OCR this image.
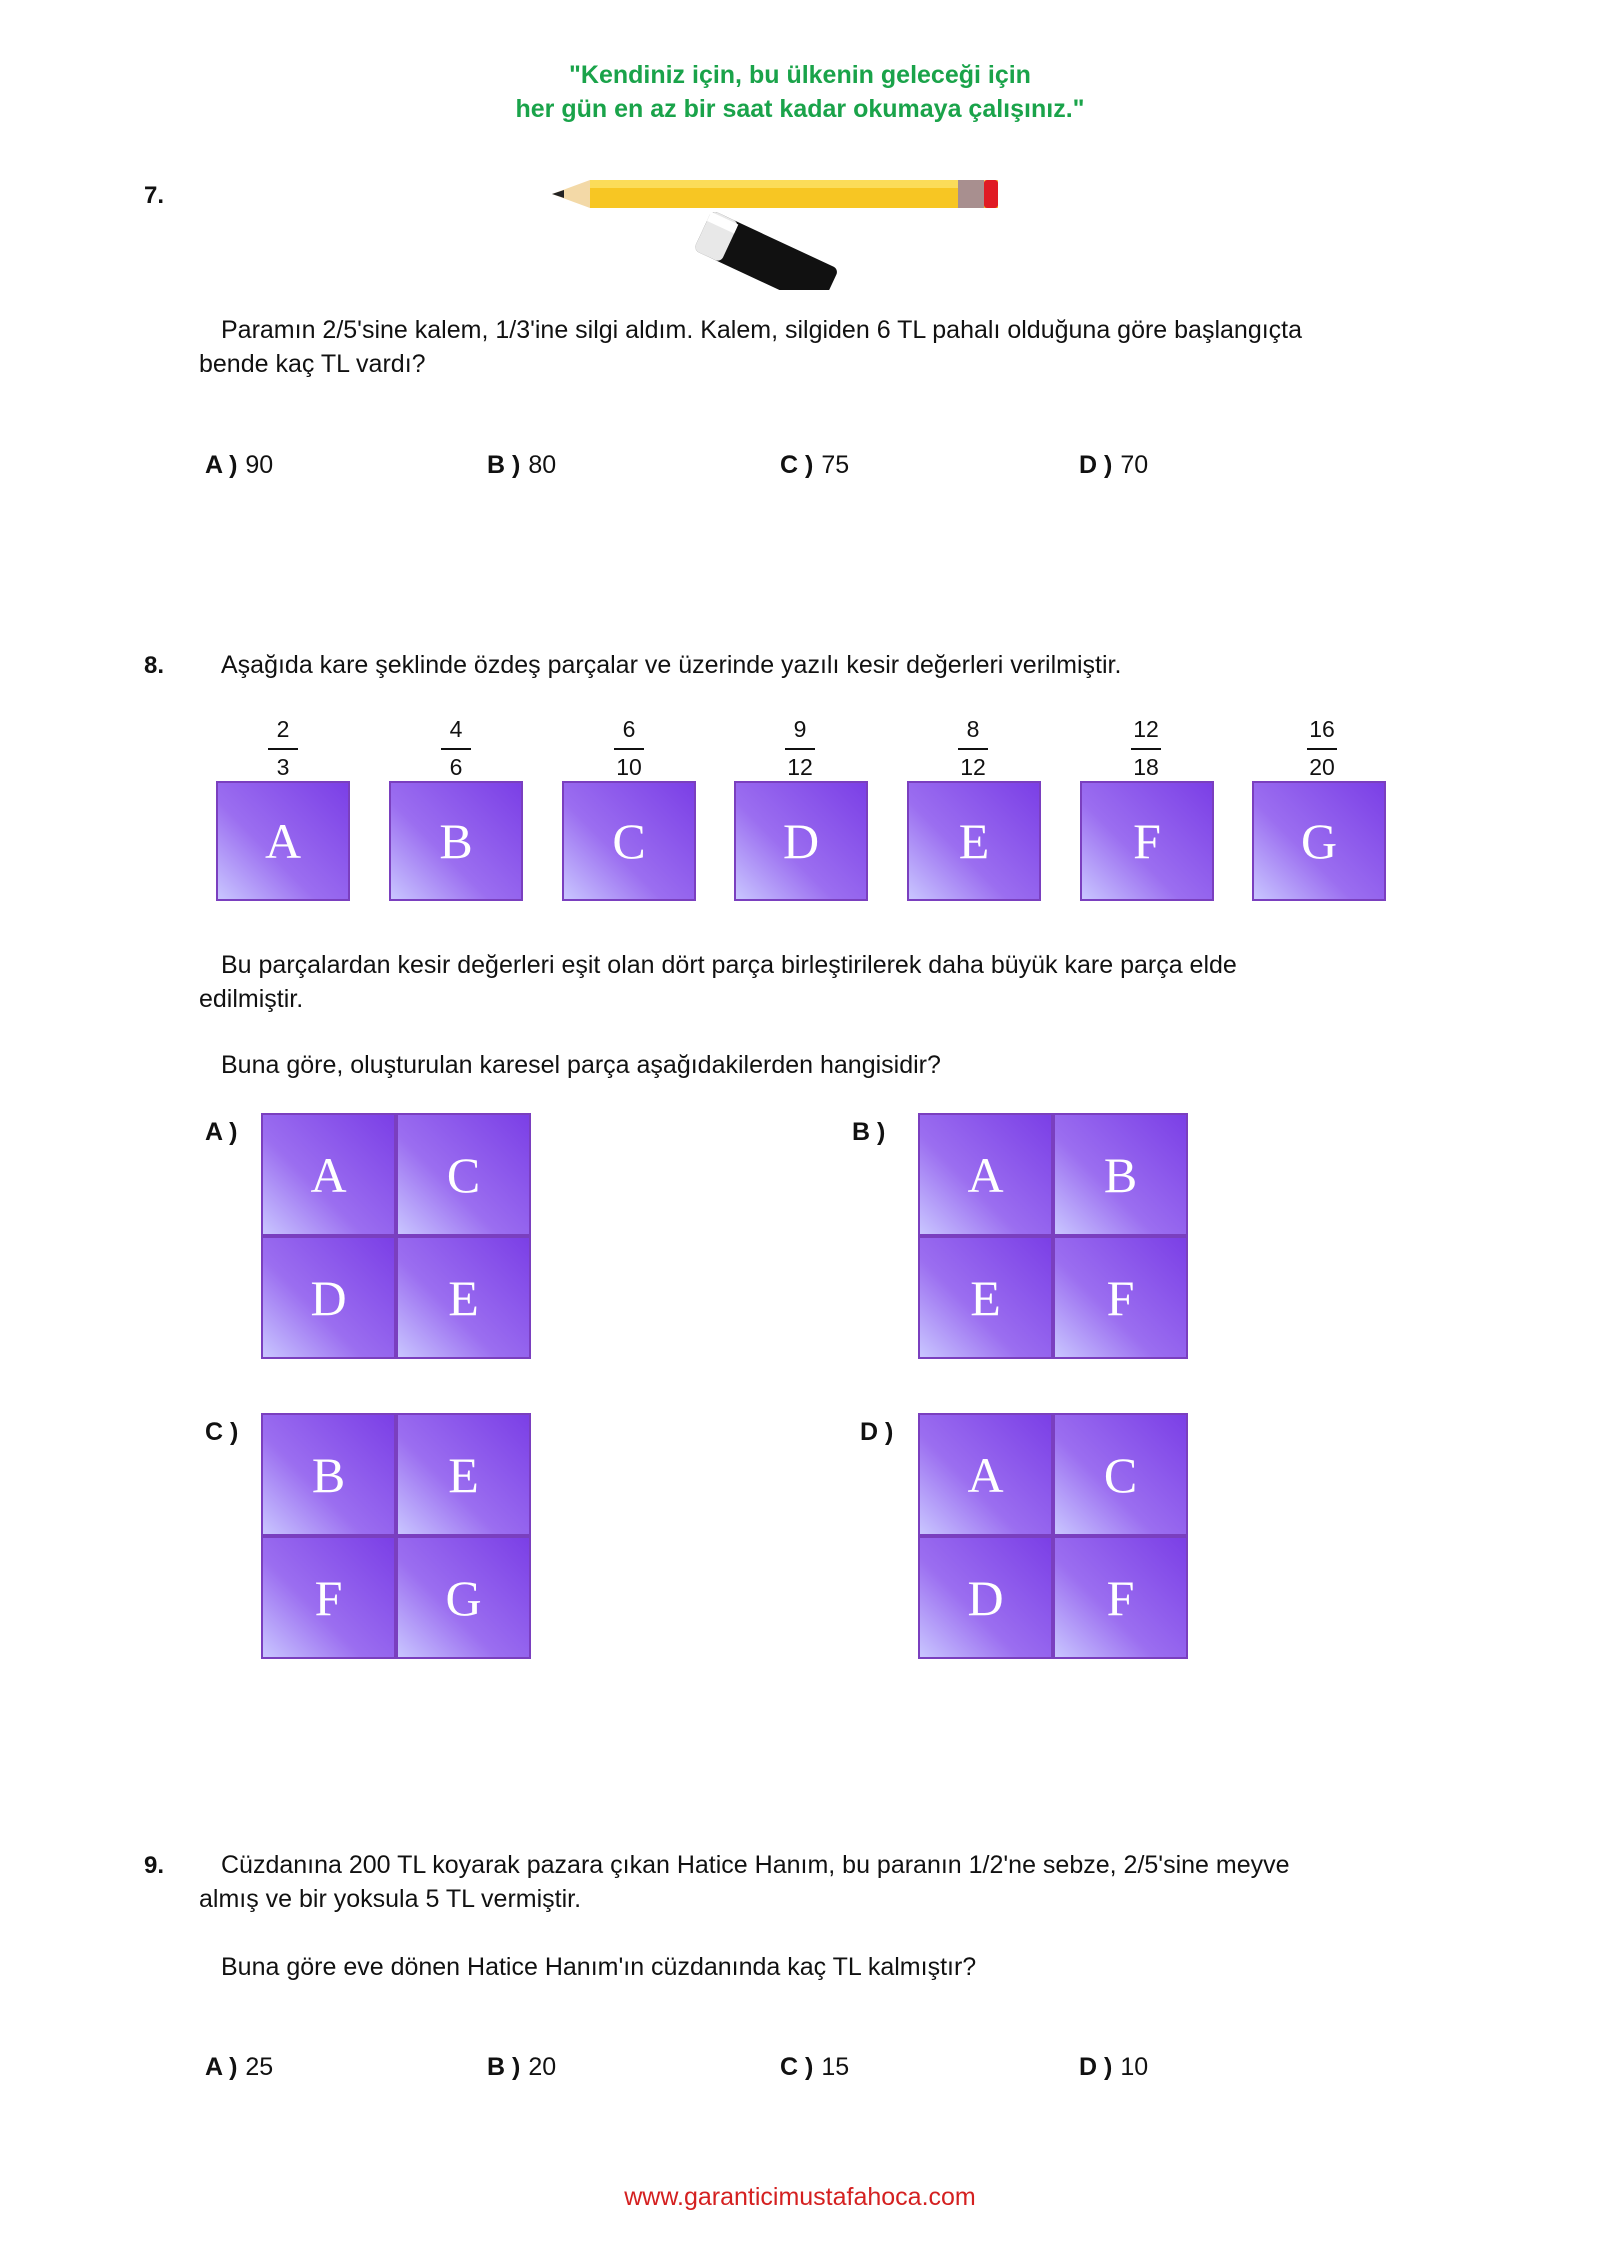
"Kendiniz için, bu ülkenin geleceği için
her gün en az bir saat kadar okumaya çalışınız."
7.
Paramın 2/5'sine kalem, 1/3'ine silgi aldım. Kalem, silgiden 6 TL pahalı olduğuna göre başlangıçta
bende kaç TL vardı?
A ) 90	B ) 80	C ) 75	D ) 70
8. Aşağıda kare şeklinde özdeş parçalar ve üzerinde yazılı kesir değerleri verilmiştir.
2
3
4
6
6
10
9
12
8
12
12
18
16
20
A	B	C	D	E	F	G
Bu parçalardan kesir değerleri eşit olan dört parça birleştirilerek daha büyük kare parça elde
edilmiştir.
Buna göre, oluşturulan karesel parça aşağıdakilerden hangisidir?
A )
A	C
D	E
B )
A	B
E	F
C )
B	E
F	G
D )
A	C
D	F
9. Cüzdanına 200 TL koyarak pazara çıkan Hatice Hanım, bu paranın 1/2'ne sebze, 2/5'sine meyve
almış ve bir yoksula 5 TL vermiştir.
Buna göre eve dönen Hatice Hanım'ın cüzdanında kaç TL kalmıştır?
A ) 25	B ) 20	C ) 15	D ) 10
www.garanticimustafahoca.com
